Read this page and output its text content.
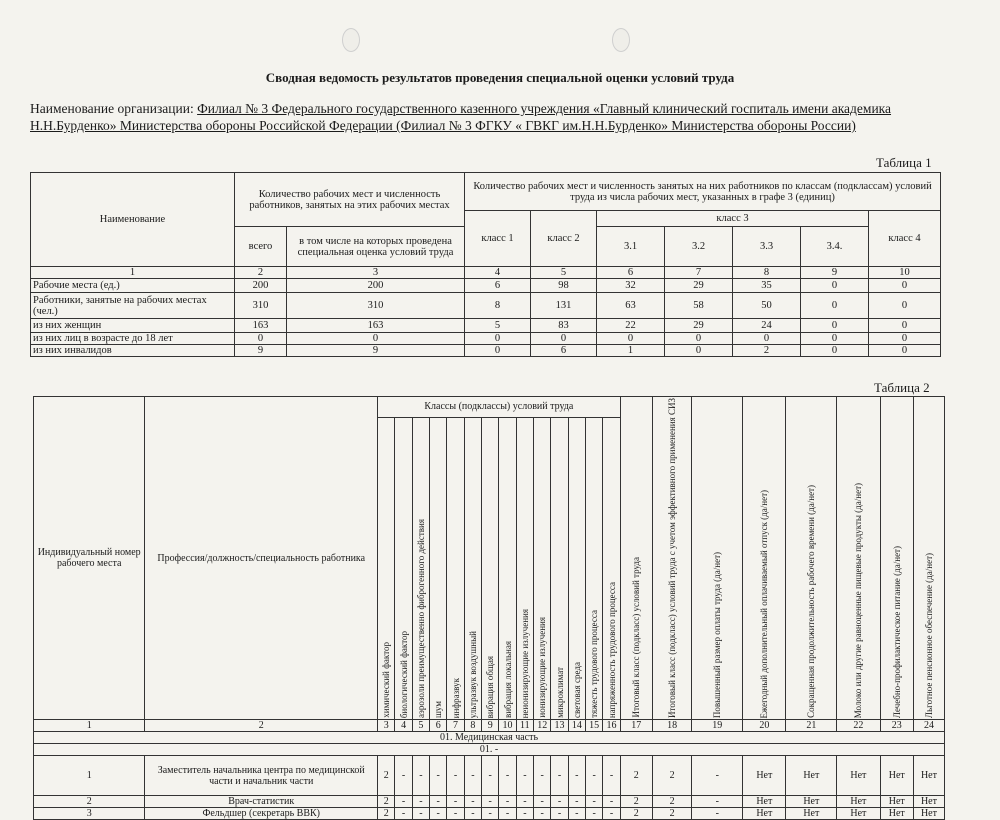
Сводная ведомость результатов проведения специальной оценки условий труда
Наименование организации: Филиал № 3 Федерального государственного казенного учреждения «Главный клинический госпиталь имени академика Н.Н.Бурденко» Министерства обороны Российской Федерации (Филиал № 3 ФГКУ « ГВКГ им.Н.Н.Бурденко» Министерства обороны России)
Таблица 1
Наименование	Количество рабочих мест и численность работников, занятых на этих рабочих местах		Количество рабочих мест и численность занятых на них работников по классам (подклассам) условий труда из числа рабочих мест, указанных в графе 3 (единиц)						
			класс 1	класс 2	класс 3				класс 4
	всего	в том числе на которых проведена специальная оценка условий труда			3.1	3.2	3.3	3.4.	
1	2	3	4	5	6	7	8	9	10
Рабочие места (ед.)	200	200	6	98	32	29	35	0	0
Работники, занятые на рабочих местах (чел.)	310	310	8	131	63	58	50	0	0
из них женщин	163	163	5	83	22	29	24	0	0
из них лиц в возрасте до 18 лет	0	0	0	0	0	0	0	0	0
из них инвалидов	9	9	0	6	1	0	2	0	0
Таблица 2
Индивидуальный номер рабочего места	Профессия/должность/специальность работника	Классы (подклассы) условий труда														Итоговый класс (подкласс) условий труда	Итоговый класс (подкласс) условий труда с учетом эффективного применения СИЗ	Повышенный размер оплаты труда (да/нет)	Ежегодный дополнительный оплачиваемый отпуск (да/нет)	Сокращенная продолжительность рабочего времени (да/нет)	Молоко или другие равноценные пищевые продукты (да/нет)	Лечебно-профилактическое питание (да/нет)	Льготное пенсионное обеспечение (да/нет)

		химический фактор	биологический фактор	аэрозоли преимущественно фиброгенного действия	шум	инфразвук	ультразвук воздушный	вибрация общая	вибрация локальная	неионизирующие излучения	ионизирующие излучения	микроклимат	световая среда	тяжесть трудового процесса	напряженность трудового процесса								

1	2	3	4	5	6	7	8	9	10	11	12	13	14	15	16	17	18	19	20	21	22	23	24
01. Медицинская часть																							
01. -																							
1	Заместитель начальника центра по медицинской части и начальник части	2	-	-	-	-	-	-	-	-	-	-	-	-	-	2	2	-	Нет	Нет	Нет	Нет	Нет
2	Врач-статистик	2	-	-	-	-	-	-	-	-	-	-	-	-	-	2	2	-	Нет	Нет	Нет	Нет	Нет
3	Фельдшер (секретарь ВВК)	2	-	-	-	-	-	-	-	-	-	-	-	-	-	2	2	-	Нет	Нет	Нет	Нет	Нет
